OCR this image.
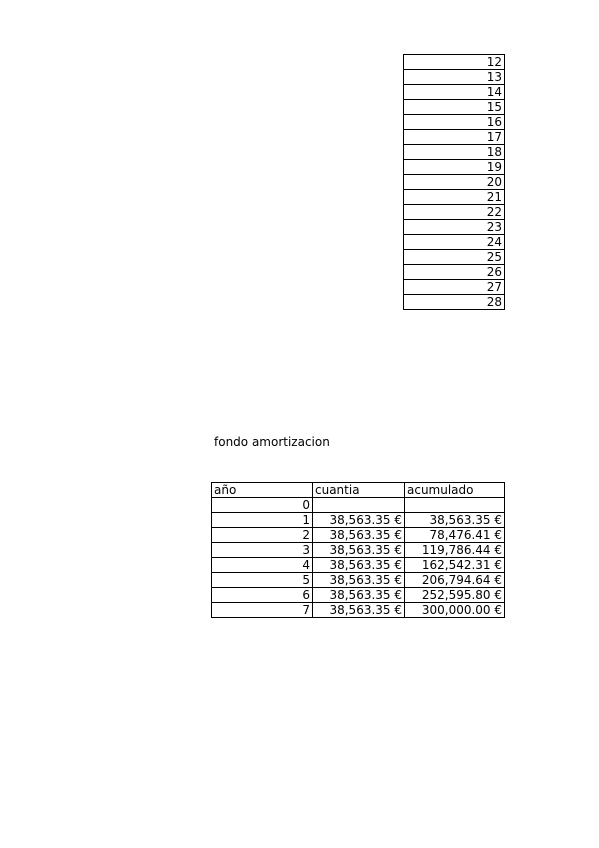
12
13
14
15
16
17
18
19
20
21
22
23
24
25
26
27
28
fondo amortizacion
año	cuantia	acumulado
0		
1	38,563.35 €	38,563.35 €
2	38,563.35 €	78,476.41 €
3	38,563.35 €	119,786.44 €
4	38,563.35 €	162,542.31 €
5	38,563.35 €	206,794.64 €
6	38,563.35 €	252,595.80 €
7	38,563.35 €	300,000.00 €
